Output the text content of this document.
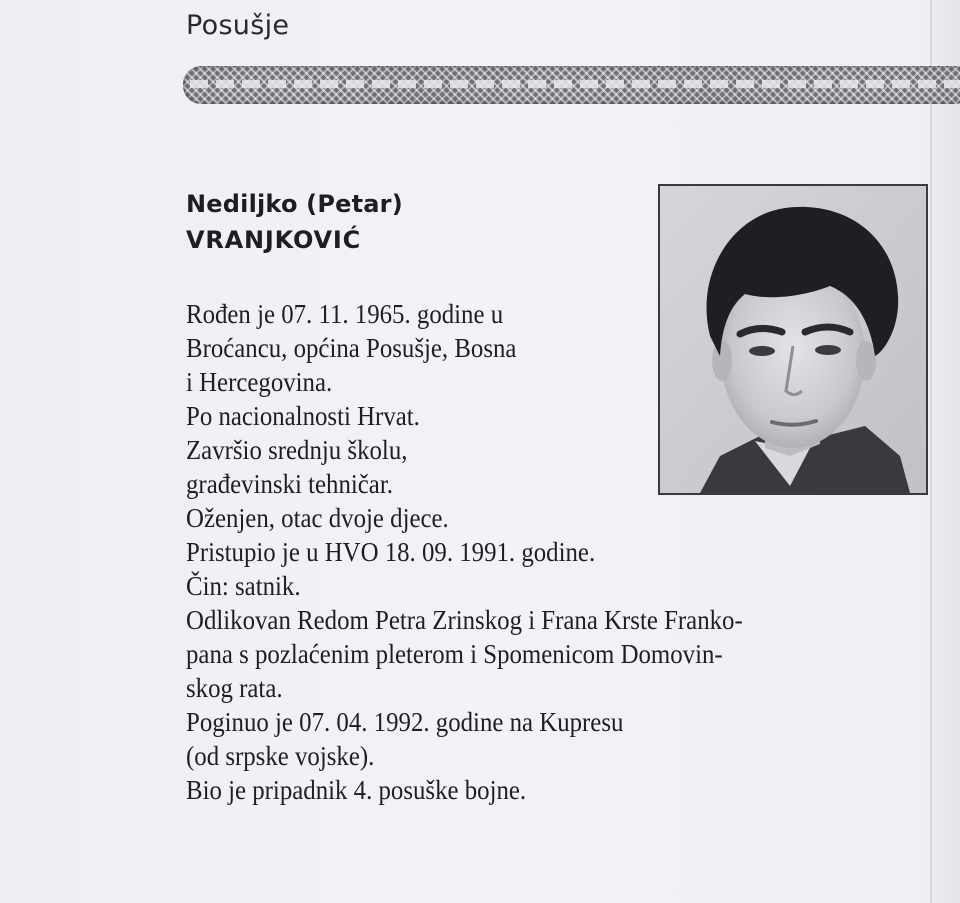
Posušje
Nediljko (Petar)
VRANJKOVIĆ
Rođen je 07. 11. 1965. godine u
Broćancu, općina Posušje, Bosna
i Hercegovina.
Po nacionalnosti Hrvat.
Završio srednju školu,
građevinski tehničar.
Oženjen, otac dvoje djece.
Pristupio je u HVO 18. 09. 1991. godine.
Čin: satnik.
Odlikovan Redom Petra Zrinskog i Frana Krste Franko-
pana s pozlaćenim pleterom i Spomenicom Domovin-
skog rata.
Poginuo je 07. 04. 1992. godine na Kupresu
(od srpske vojske).
Bio je pripadnik 4. posuške bojne.
